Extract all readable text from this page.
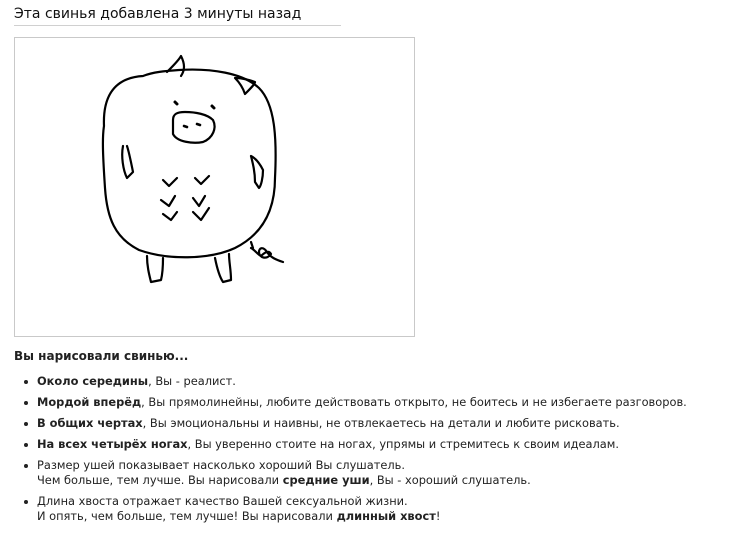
Эта свинья добавлена 3 минуты назад
Вы нарисовали свинью...
Около середины, Вы - реалист.
Мордой вперёд, Вы прямолинейны, любите действовать открыто, не боитесь и не избегаете разговоров.
В общих чертах, Вы эмоциональны и наивны, не отвлекаетесь на детали и любите рисковать.
На всех четырёх ногах, Вы уверенно стоите на ногах, упрямы и стремитесь к своим идеалам.
Размер ушей показывает насколько хороший Вы слушатель.
Чем больше, тем лучше. Вы нарисовали средние уши, Вы - хороший слушатель.
Длина хвоста отражает качество Вашей сексуальной жизни.
И опять, чем больше, тем лучше! Вы нарисовали длинный хвост!
